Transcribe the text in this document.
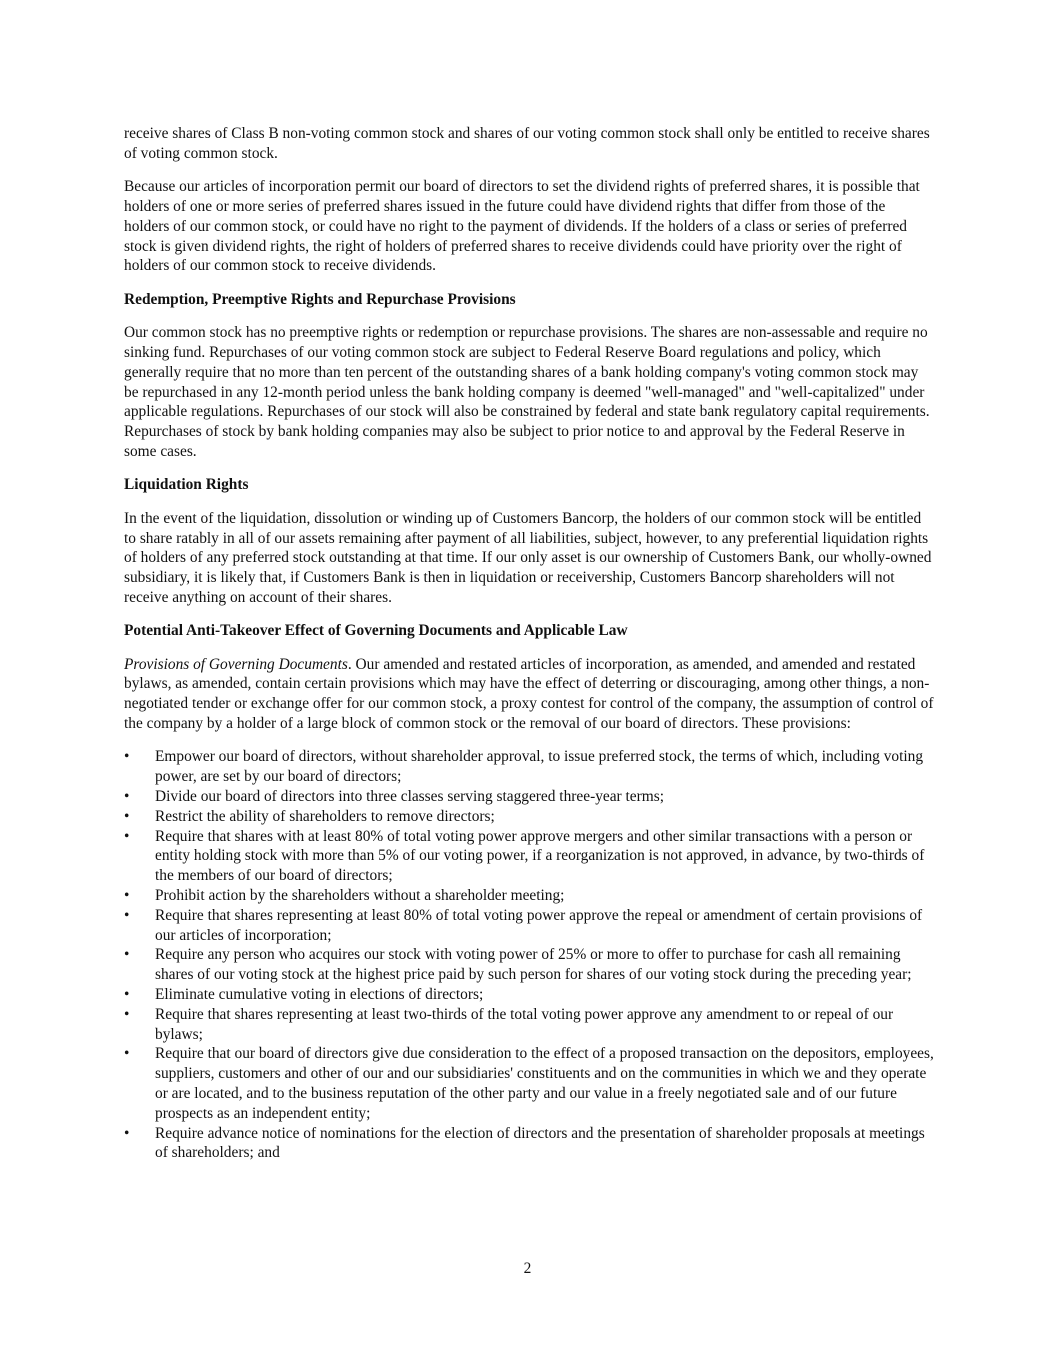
receive shares of Class B non-voting common stock and shares of our voting common stock shall only be entitled to receive shares of voting common stock.

Because our articles of incorporation permit our board of directors to set the dividend rights of preferred shares, it is possible that holders of one or more series of preferred shares issued in the future could have dividend rights that differ from those of the holders of our common stock, or could have no right to the payment of dividends. If the holders of a class or series of preferred stock is given dividend rights, the right of holders of preferred shares to receive dividends could have priority over the right of holders of our common stock to receive dividends.

Redemption, Preemptive Rights and Repurchase Provisions

Our common stock has no preemptive rights or redemption or repurchase provisions. The shares are non-assessable and require no sinking fund. Repurchases of our voting common stock are subject to Federal Reserve Board regulations and policy, which generally require that no more than ten percent of the outstanding shares of a bank holding company's voting common stock may be repurchased in any 12-month period unless the bank holding company is deemed "well-managed" and "well-capitalized" under applicable regulations. Repurchases of our stock will also be constrained by federal and state bank regulatory capital requirements. Repurchases of stock by bank holding companies may also be subject to prior notice to and approval by the Federal Reserve in some cases.

Liquidation Rights

In the event of the liquidation, dissolution or winding up of Customers Bancorp, the holders of our common stock will be entitled to share ratably in all of our assets remaining after payment of all liabilities, subject, however, to any preferential liquidation rights of holders of any preferred stock outstanding at that time. If our only asset is our ownership of Customers Bank, our wholly-owned subsidiary, it is likely that, if Customers Bank is then in liquidation or receivership, Customers Bancorp shareholders will not receive anything on account of their shares.

Potential Anti-Takeover Effect of Governing Documents and Applicable Law

Provisions of Governing Documents. Our amended and restated articles of incorporation, as amended, and amended and restated bylaws, as amended, contain certain provisions which may have the effect of deterring or discouraging, among other things, a non-negotiated tender or exchange offer for our common stock, a proxy contest for control of the company, the assumption of control of the company by a holder of a large block of common stock or the removal of our board of directors. These provisions:

• Empower our board of directors, without shareholder approval, to issue preferred stock, the terms of which, including voting power, are set by our board of directors;
• Divide our board of directors into three classes serving staggered three-year terms;
• Restrict the ability of shareholders to remove directors;
• Require that shares with at least 80% of total voting power approve mergers and other similar transactions with a person or entity holding stock with more than 5% of our voting power, if a reorganization is not approved, in advance, by two-thirds of the members of our board of directors;
• Prohibit action by the shareholders without a shareholder meeting;
• Require that shares representing at least 80% of total voting power approve the repeal or amendment of certain provisions of our articles of incorporation;
• Require any person who acquires our stock with voting power of 25% or more to offer to purchase for cash all remaining shares of our voting stock at the highest price paid by such person for shares of our voting stock during the preceding year;
• Eliminate cumulative voting in elections of directors;
• Require that shares representing at least two-thirds of the total voting power approve any amendment to or repeal of our bylaws;
• Require that our board of directors give due consideration to the effect of a proposed transaction on the depositors, employees, suppliers, customers and other of our and our subsidiaries' constituents and on the communities in which we and they operate or are located, and to the business reputation of the other party and our value in a freely negotiated sale and of our future prospects as an independent entity;
• Require advance notice of nominations for the election of directors and the presentation of shareholder proposals at meetings of shareholders; and
2
